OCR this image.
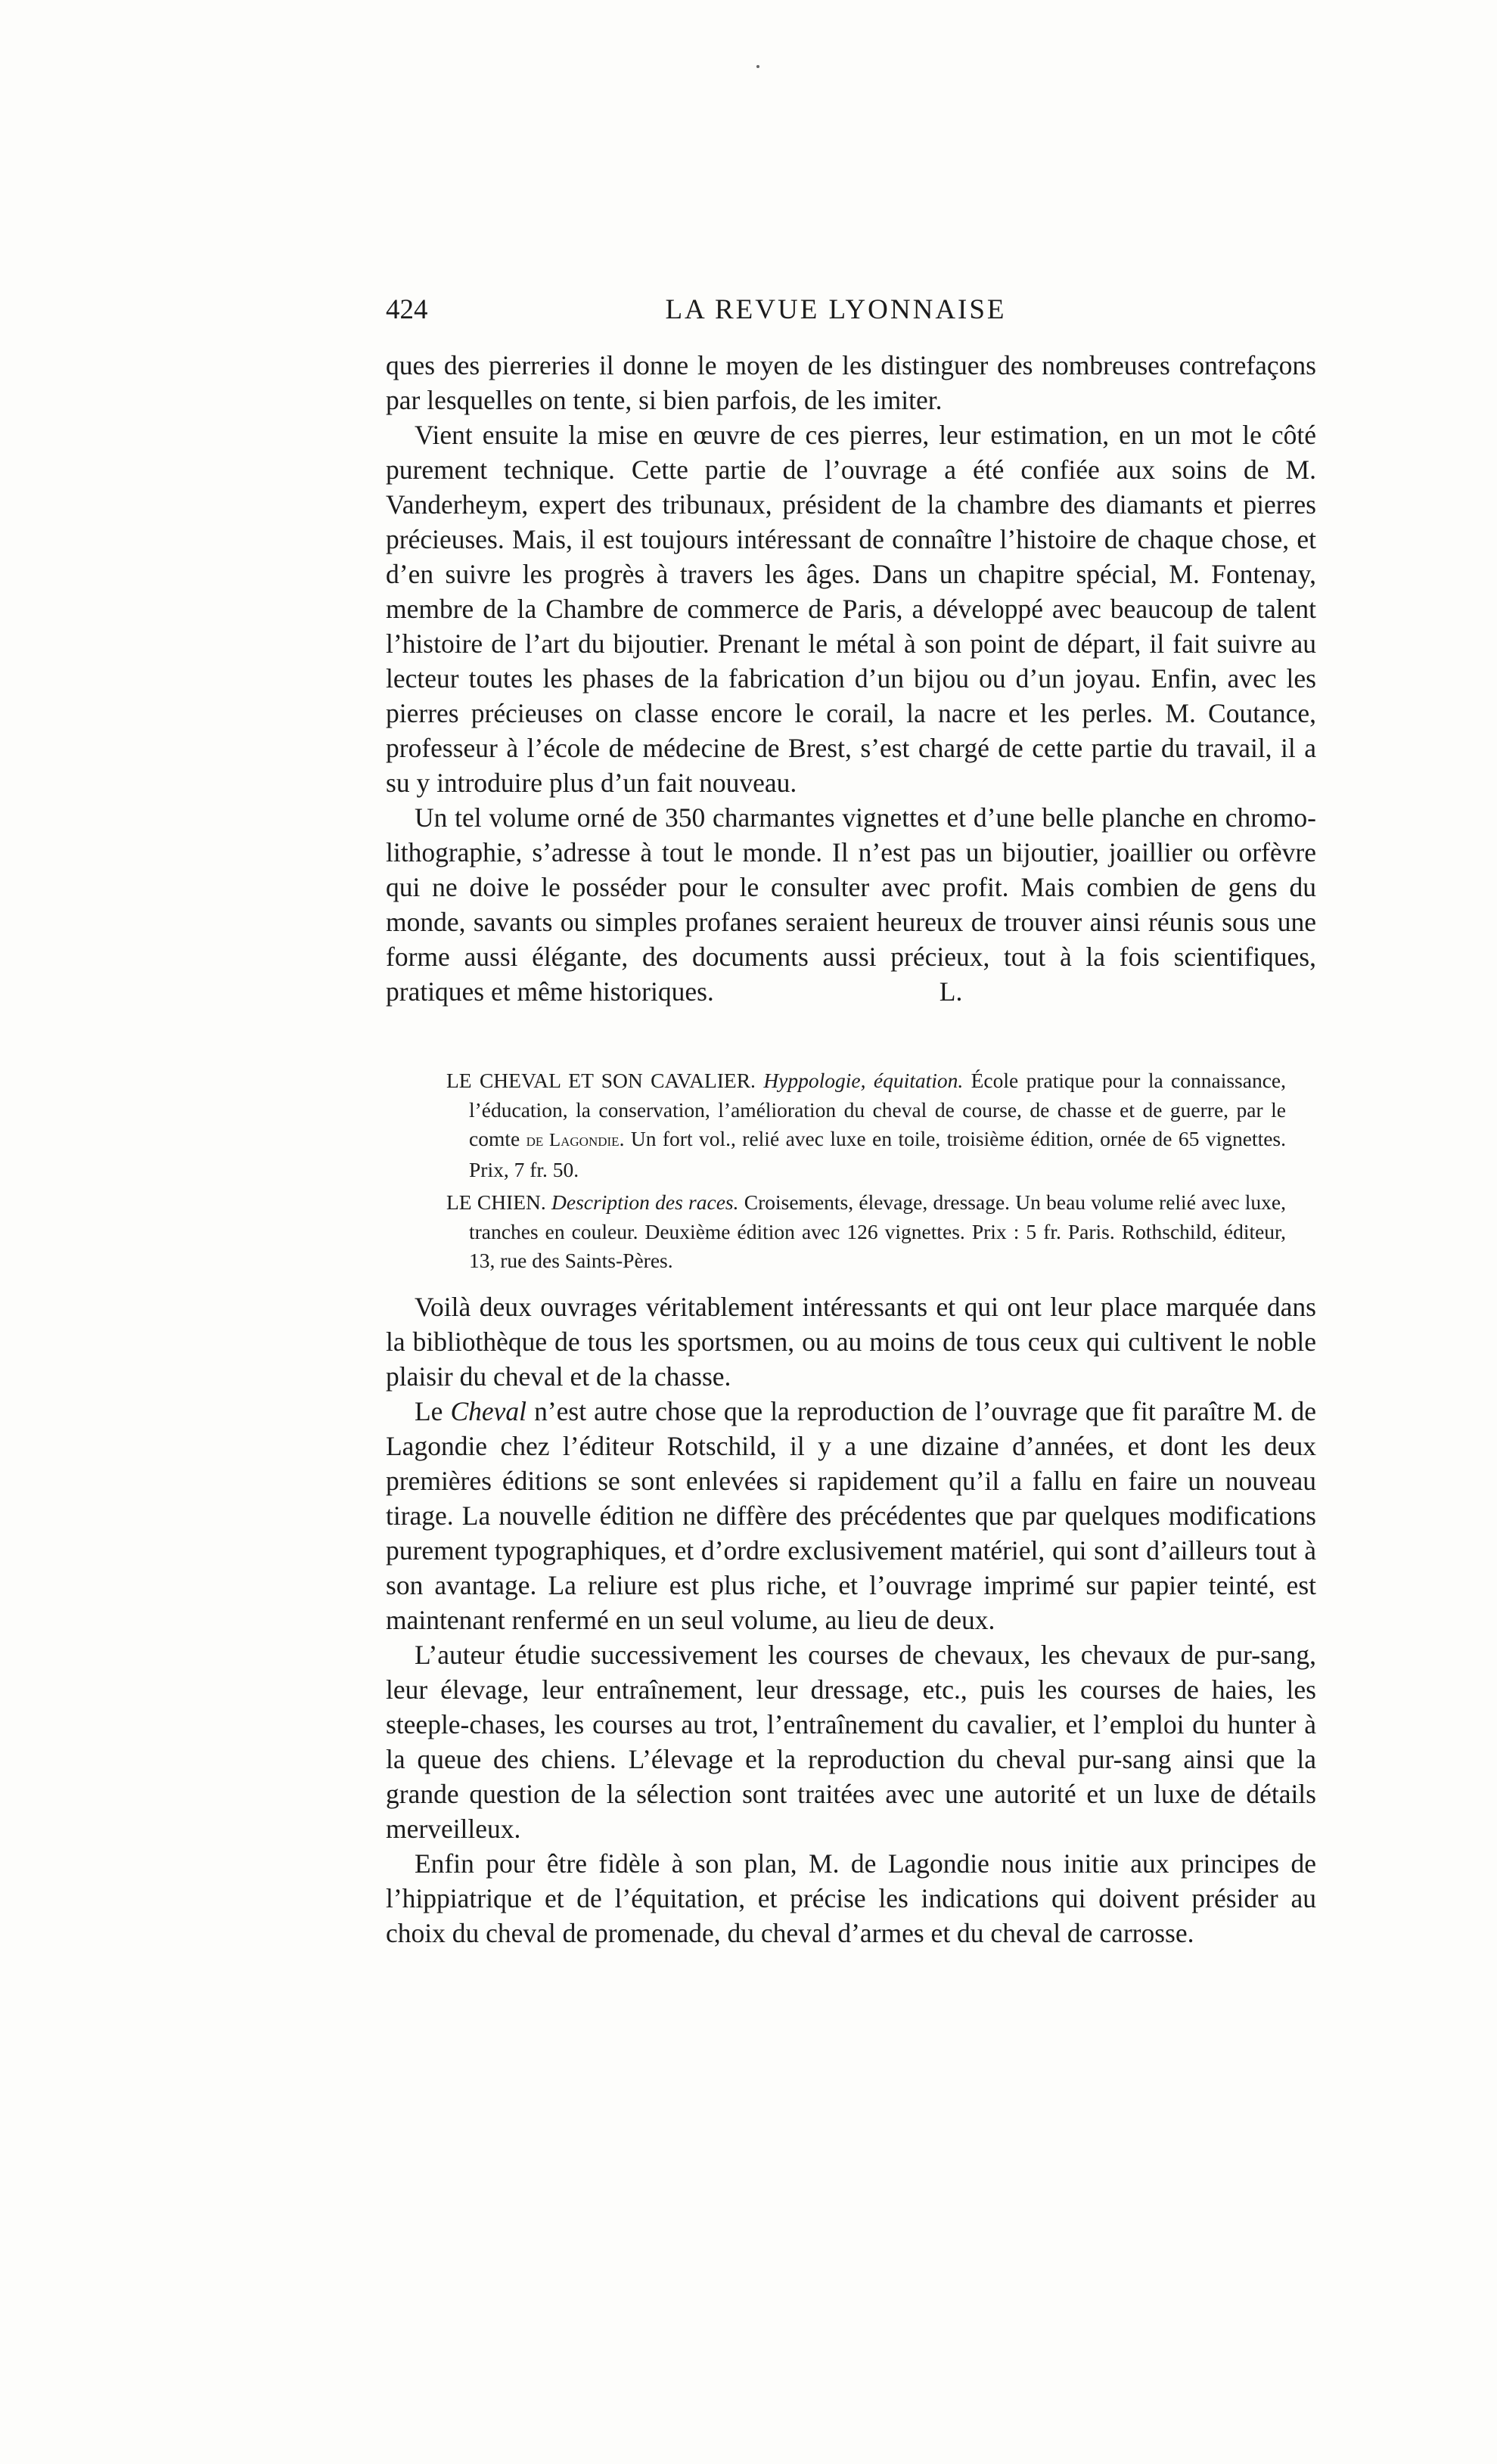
424	LA REVUE LYONNAISE

ques des pierreries il donne le moyen de les distinguer des nombreuses contrefaçons par lesquelles on tente, si bien parfois, de les imiter.

Vient ensuite la mise en œuvre de ces pierres, leur estimation, en un mot le côté purement technique. Cette partie de l’ouvrage a été confiée aux soins de M. Vanderheym, expert des tribunaux, président de la chambre des diamants et pierres précieuses. Mais, il est toujours intéressant de connaître l’histoire de chaque chose, et d’en suivre les progrès à travers les âges. Dans un chapitre spécial, M. Fontenay, membre de la Chambre de commerce de Paris, a développé avec beaucoup de talent l’histoire de l’art du bijoutier. Prenant le métal à son point de départ, il fait suivre au lecteur toutes les phases de la fabrication d’un bijou ou d’un joyau. Enfin, avec les pierres précieuses on classe encore le corail, la nacre et les perles. M. Coutance, professeur à l’école de médecine de Brest, s’est chargé de cette partie du travail, il a su y introduire plus d’un fait nouveau.

Un tel volume orné de 350 charmantes vignettes et d’une belle planche en chromo-lithographie, s’adresse à tout le monde. Il n’est pas un bijoutier, joaillier ou orfèvre qui ne doive le posséder pour le consulter avec profit. Mais combien de gens du monde, savants ou simples profanes seraient heureux de trouver ainsi réunis sous une forme aussi élégante, des documents aussi précieux, tout à la fois scientifiques, pratiques et même historiques.	L.

LE CHEVAL ET SON CAVALIER. Hyppologie, équitation. École pratique pour la connaissance, l’éducation, la conservation, l’amélioration du cheval de course, de chasse et de guerre, par le comte de Lagondie. Un fort vol., relié avec luxe en toile, troisième édition, ornée de 65 vignettes. Prix, 7 fr. 50.

LE CHIEN. Description des races. Croisements, élevage, dressage. Un beau volume relié avec luxe, tranches en couleur. Deuxième édition avec 126 vignettes. Prix : 5 fr. Paris. Rothschild, éditeur, 13, rue des Saints-Pères.

Voilà deux ouvrages véritablement intéressants et qui ont leur place marquée dans la bibliothèque de tous les sportsmen, ou au moins de tous ceux qui cultivent le noble plaisir du cheval et de la chasse.

Le Cheval n’est autre chose que la reproduction de l’ouvrage que fit paraître M. de Lagondie chez l’éditeur Rotschild, il y a une dizaine d’années, et dont les deux premières éditions se sont enlevées si rapidement qu’il a fallu en faire un nouveau tirage. La nouvelle édition ne diffère des précédentes que par quelques modifications purement typographiques, et d’ordre exclusivement matériel, qui sont d’ailleurs tout à son avantage. La reliure est plus riche, et l’ouvrage imprimé sur papier teinté, est maintenant renfermé en un seul volume, au lieu de deux.

L’auteur étudie successivement les courses de chevaux, les chevaux de pur-sang, leur élevage, leur entraînement, leur dressage, etc., puis les courses de haies, les steeple-chases, les courses au trot, l’entraînement du cavalier, et l’emploi du hunter à la queue des chiens. L’élevage et la reproduction du cheval pur-sang ainsi que la grande question de la sélection sont traitées avec une autorité et un luxe de détails merveilleux.

Enfin pour être fidèle à son plan, M. de Lagondie nous initie aux principes de l’hippiatrique et de l’équitation, et précise les indications qui doivent présider au choix du cheval de promenade, du cheval d’armes et du cheval de carrosse.
